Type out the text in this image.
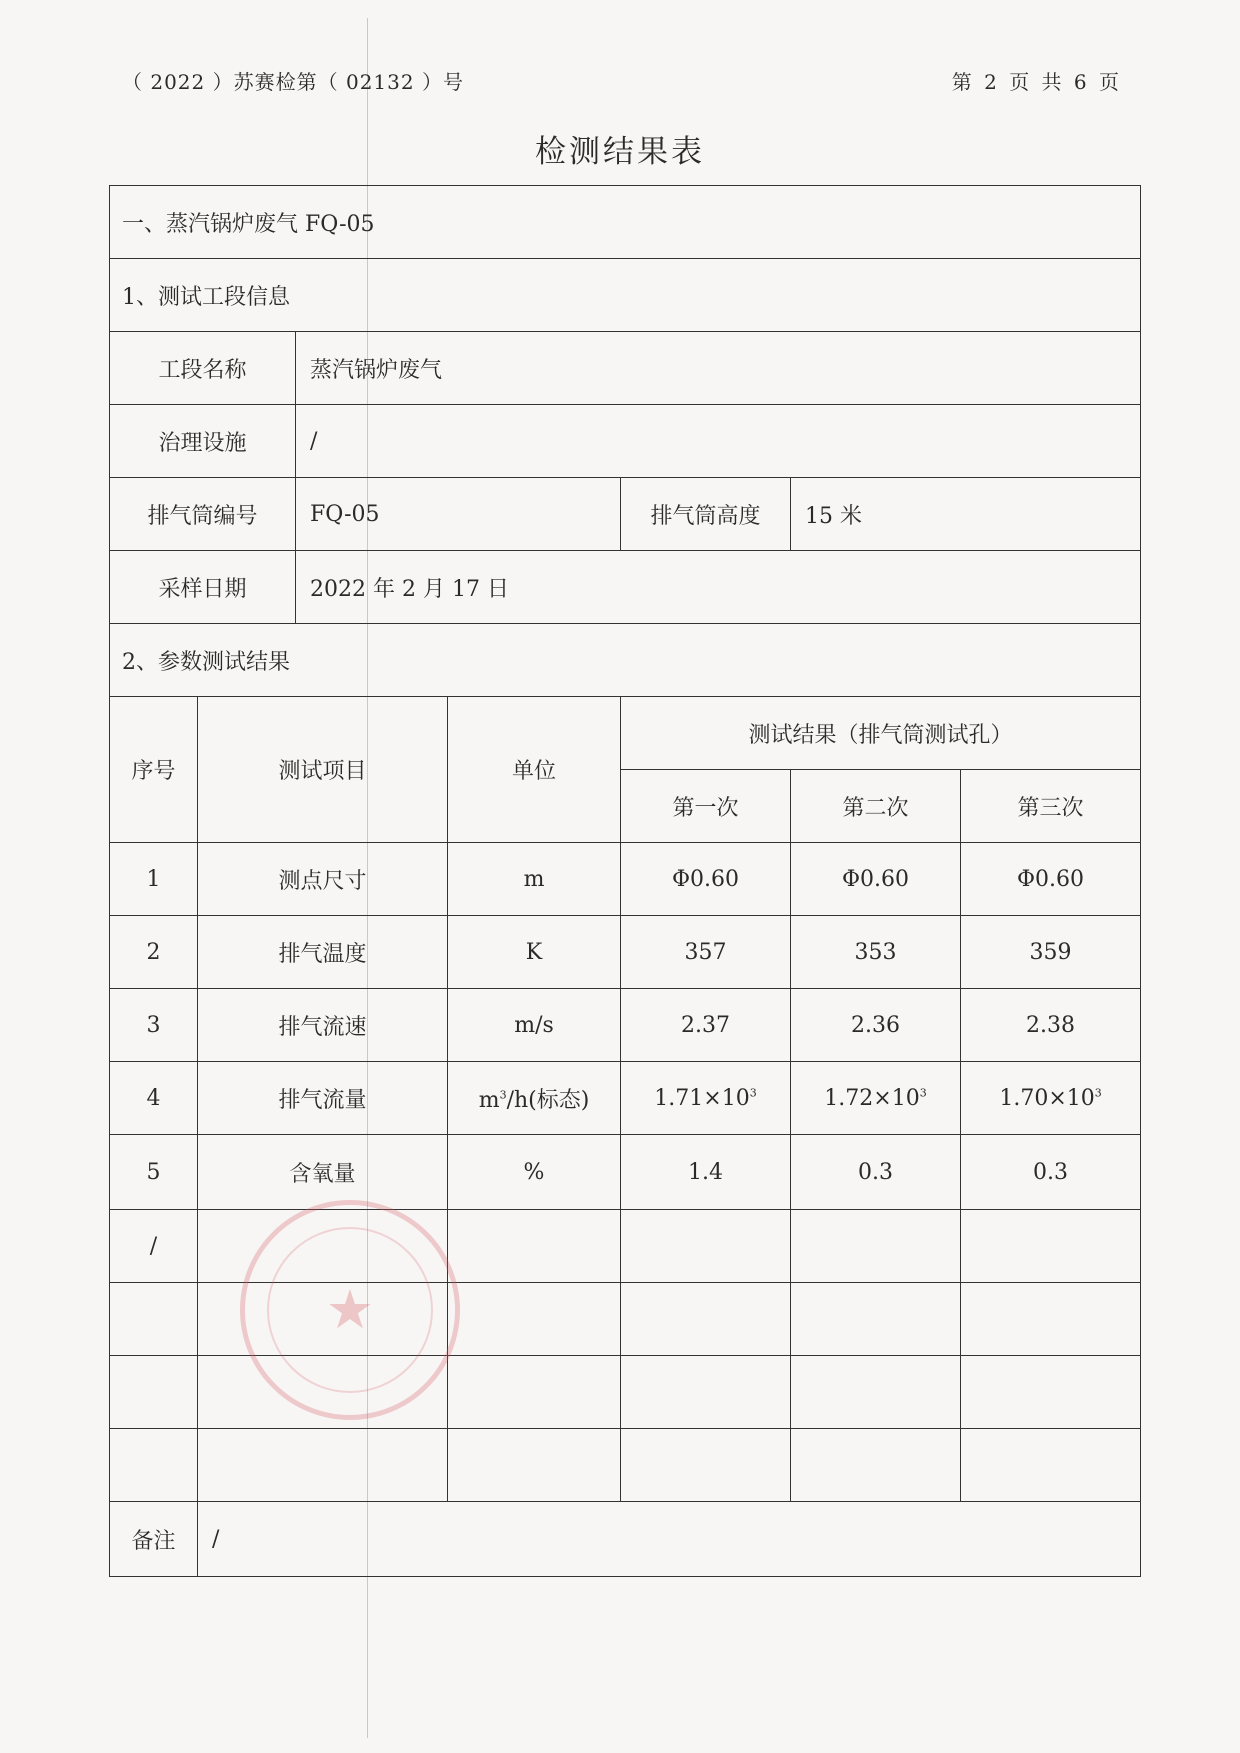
（ 2022 ）苏赛检第（ 02132 ）号	第 2 页 共 6 页
检测结果表
一、蒸汽锅炉废气 FQ-05						
1、测试工段信息						
工段名称		蒸汽锅炉废气				
治理设施		/				
排气筒编号		FQ-05		排气筒高度	15 米	
采样日期		2022 年 2 月 17 日				
2、参数测试结果						
序号	测试项目		单位	测试结果（排气筒测试孔）		
				第一次	第二次	第三次
1	测点尺寸		m	Φ0.60	Φ0.60	Φ0.60
2	排气温度		K	357	353	359
3	排气流速		m/s	2.37	2.36	2.38
4	排气流量		$m^3/h$(标态)	$1.71\times 10^3$	$1.72\times 10^3$	$1.70\times 10^3$
5	含氧量		%	1.4	0.3	0.3
/						

备注	/					
★
